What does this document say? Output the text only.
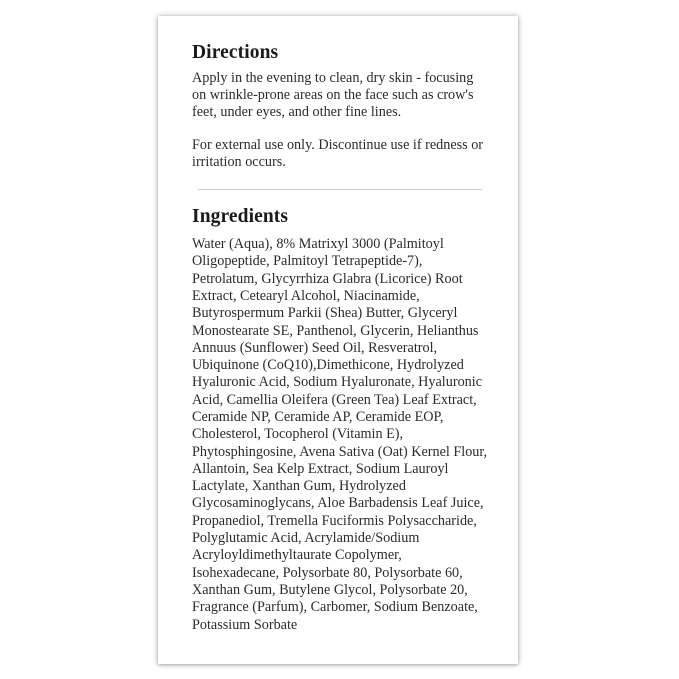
Directions

Apply in the evening to clean, dry skin - focusing on wrinkle-prone areas on the face such as crow's feet, under eyes, and other fine lines.

For external use only. Discontinue use if redness or irritation occurs.

Ingredients

Water (Aqua), 8% Matrixyl 3000 (Palmitoyl Oligopeptide, Palmitoyl Tetrapeptide-7), Petrolatum, Glycyrrhiza Glabra (Licorice) Root Extract, Cetearyl Alcohol, Niacinamide, Butyrospermum Parkii (Shea) Butter, Glyceryl Monostearate SE, Panthenol, Glycerin, Helianthus Annuus (Sunflower) Seed Oil, Resveratrol, Ubiquinone (CoQ10),Dimethicone, Hydrolyzed Hyaluronic Acid, Sodium Hyaluronate, Hyaluronic Acid, Camellia Oleifera (Green Tea) Leaf Extract, Ceramide NP, Ceramide AP, Ceramide EOP, Cholesterol, Tocopherol (Vitamin E), Phytosphingosine, Avena Sativa (Oat) Kernel Flour, Allantoin, Sea Kelp Extract, Sodium Lauroyl Lactylate, Xanthan Gum, Hydrolyzed Glycosaminoglycans, Aloe Barbadensis Leaf Juice, Propanediol, Tremella Fuciformis Polysaccharide, Polyglutamic Acid, Acrylamide/Sodium Acryloyldimethyltaurate Copolymer, Isohexadecane, Polysorbate 80, Polysorbate 60, Xanthan Gum, Butylene Glycol, Polysorbate 20, Fragrance (Parfum), Carbomer, Sodium Benzoate, Potassium Sorbate
